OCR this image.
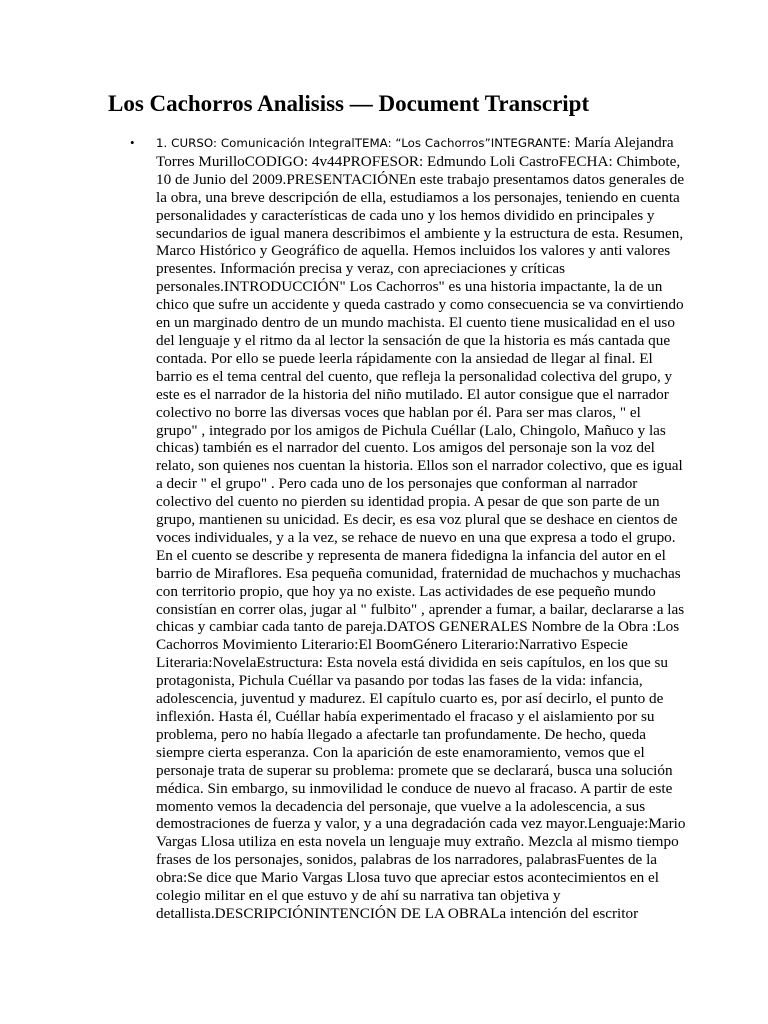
Los Cachorros Analisiss — Document Transcript
• 1. CURSO: Comunicación IntegralTEMA: “Los Cachorros”INTEGRANTE: María Alejandra Torres MurilloCODIGO: 4v44PROFESOR: Edmundo Loli CastroFECHA: Chimbote, 10 de Junio del 2009.PRESENTACIÓNEn este trabajo presentamos datos generales de la obra, una breve descripción de ella, estudiamos a los personajes, teniendo en cuenta personalidades y características de cada uno y los hemos dividido en principales y secundarios de igual manera describimos el ambiente y la estructura de esta. Resumen, Marco Histórico y Geográfico de aquella. Hemos incluidos los valores y anti valores presentes. Información precisa y veraz, con apreciaciones y críticas personales.INTRODUCCIÓN" Los Cachorros" es una historia impactante, la de un chico que sufre un accidente y queda castrado y como consecuencia se va convirtiendo en un marginado dentro de un mundo machista. El cuento tiene musicalidad en el uso del lenguaje y el ritmo da al lector la sensación de que la historia es más cantada que contada. Por ello se puede leerla rápidamente con la ansiedad de llegar al final. El barrio es el tema central del cuento, que refleja la personalidad colectiva del grupo, y este es el narrador de la historia del niño mutilado. El autor consigue que el narrador colectivo no borre las diversas voces que hablan por él. Para ser mas claros, " el grupo" , integrado por los amigos de Pichula Cuéllar (Lalo, Chingolo, Mañuco y las chicas) también es el narrador del cuento. Los amigos del personaje son la voz del relato, son quienes nos cuentan la historia. Ellos son el narrador colectivo, que es igual a decir " el grupo" . Pero cada uno de los personajes que conforman al narrador colectivo del cuento no pierden su identidad propia. A pesar de que son parte de un grupo, mantienen su unicidad. Es decir, es esa voz plural que se deshace en cientos de voces individuales, y a la vez, se rehace de nuevo en una que expresa a todo el grupo. En el cuento se describe y representa de manera fidedigna la infancia del autor en el barrio de Miraflores. Esa pequeña comunidad, fraternidad de muchachos y muchachas con territorio propio, que hoy ya no existe. Las actividades de ese pequeño mundo consistían en correr olas, jugar al " fulbito" , aprender a fumar, a bailar, declararse a las chicas y cambiar cada tanto de pareja.DATOS GENERALES Nombre de la Obra :Los Cachorros Movimiento Literario:El BoomGénero Literario:Narrativo Especie Literaria:NovelaEstructura: Esta novela está dividida en seis capítulos, en los que su protagonista, Pichula Cuéllar va pasando por todas las fases de la vida: infancia, adolescencia, juventud y madurez. El capítulo cuarto es, por así decirlo, el punto de inflexión. Hasta él, Cuéllar había experimentado el fracaso y el aislamiento por su problema, pero no había llegado a afectarle tan profundamente. De hecho, queda siempre cierta esperanza. Con la aparición de este enamoramiento, vemos que el personaje trata de superar su problema: promete que se declarará, busca una solución médica. Sin embargo, su inmovilidad le conduce de nuevo al fracaso. A partir de este momento vemos la decadencia del personaje, que vuelve a la adolescencia, a sus demostraciones de fuerza y valor, y a una degradación cada vez mayor.Lenguaje:Mario Vargas Llosa utiliza en esta novela un lenguaje muy extraño. Mezcla al mismo tiempo frases de los personajes, sonidos, palabras de los narradores, palabrasFuentes de la obra:Se dice que Mario Vargas Llosa tuvo que apreciar estos acontecimientos en el colegio militar en el que estuvo y de ahí su narrativa tan objetiva y detallista.DESCRIPCIÓNINTENCIÓN DE LA OBRALa intención del escritor
